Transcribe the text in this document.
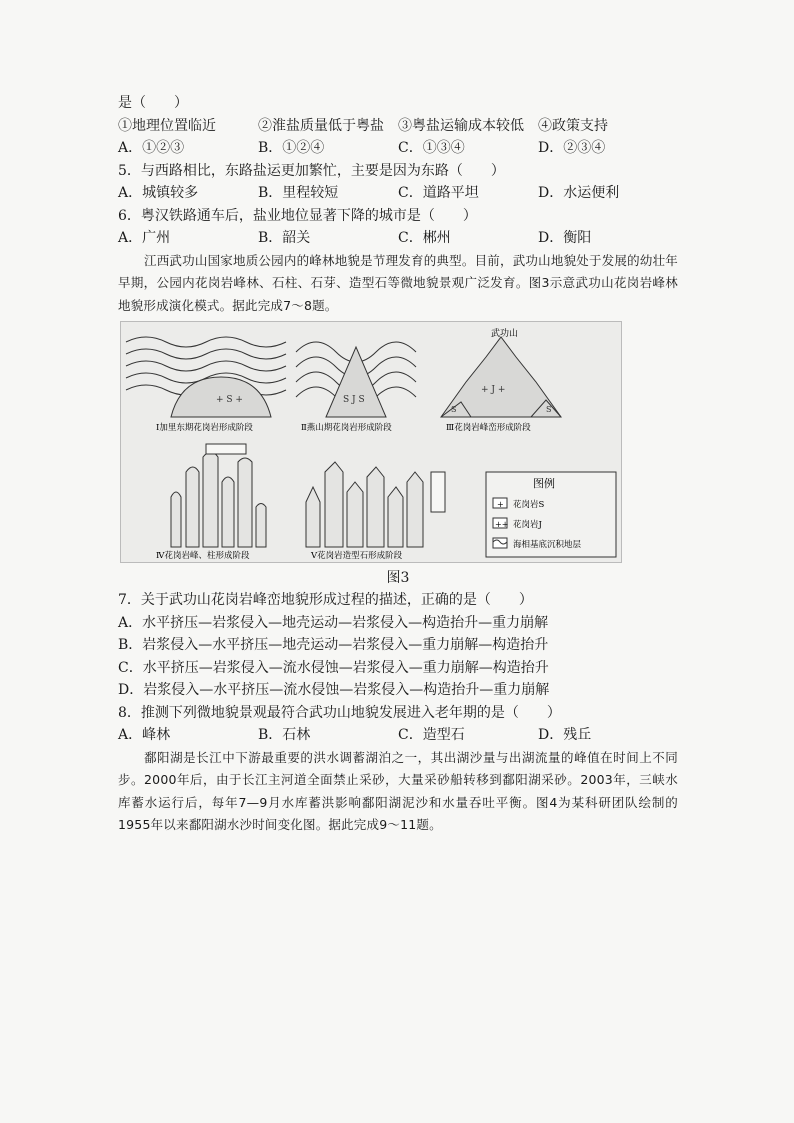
是（　　）
①地理位置临近	②淮盐质量低于粤盐	③粤盐运输成本较低	④政策支持
A．①②③	B．①②④	C．①③④	D．②③④
5．与西路相比，东路盐运更加繁忙，主要是因为东路（　　）
A．城镇较多	B．里程较短	C．道路平坦	D．水运便利
6．粤汉铁路通车后，盐业地位显著下降的城市是（　　）
A．广州	B．韶关	C．郴州	D．衡阳
江西武功山国家地质公园内的峰林地貌是节理发育的典型。目前，武功山地貌处于发展的幼壮年早期，公园内花岗岩峰林、石柱、石芽、造型石等微地貌景观广泛发育。图3示意武功山花岗岩峰林地貌形成演化模式。据此完成7～8题。
+ S +
Ⅰ加里东期花岗岩形成阶段
S J S
Ⅱ燕山期花岗岩形成阶段
+ J +
S	S
武功山
Ⅲ花岗岩峰峦形成阶段
Ⅳ花岗岩峰、柱形成阶段	Ⅴ花岗岩造型石形成阶段
图例
+ 花岗岩S
++ 花岗岩J
海相基底沉积地层
图3
7．关于武功山花岗岩峰峦地貌形成过程的描述，正确的是（　　）
A．水平挤压—岩浆侵入—地壳运动—岩浆侵入—构造抬升—重力崩解
B．岩浆侵入—水平挤压—地壳运动—岩浆侵入—重力崩解—构造抬升
C．水平挤压—岩浆侵入—流水侵蚀—岩浆侵入—重力崩解—构造抬升
D．岩浆侵入—水平挤压—流水侵蚀—岩浆侵入—构造抬升—重力崩解
8．推测下列微地貌景观最符合武功山地貌发展进入老年期的是（　　）
A．峰林	B．石林	C．造型石	D．残丘
鄱阳湖是长江中下游最重要的洪水调蓄湖泊之一，其出湖沙量与出湖流量的峰值在时间上不同步。2000年后，由于长江主河道全面禁止采砂，大量采砂船转移到鄱阳湖采砂。2003年，三峡水库蓄水运行后，每年7—9月水库蓄洪影响鄱阳湖泥沙和水量吞吐平衡。图4为某科研团队绘制的1955年以来鄱阳湖水沙时间变化图。据此完成9～11题。
